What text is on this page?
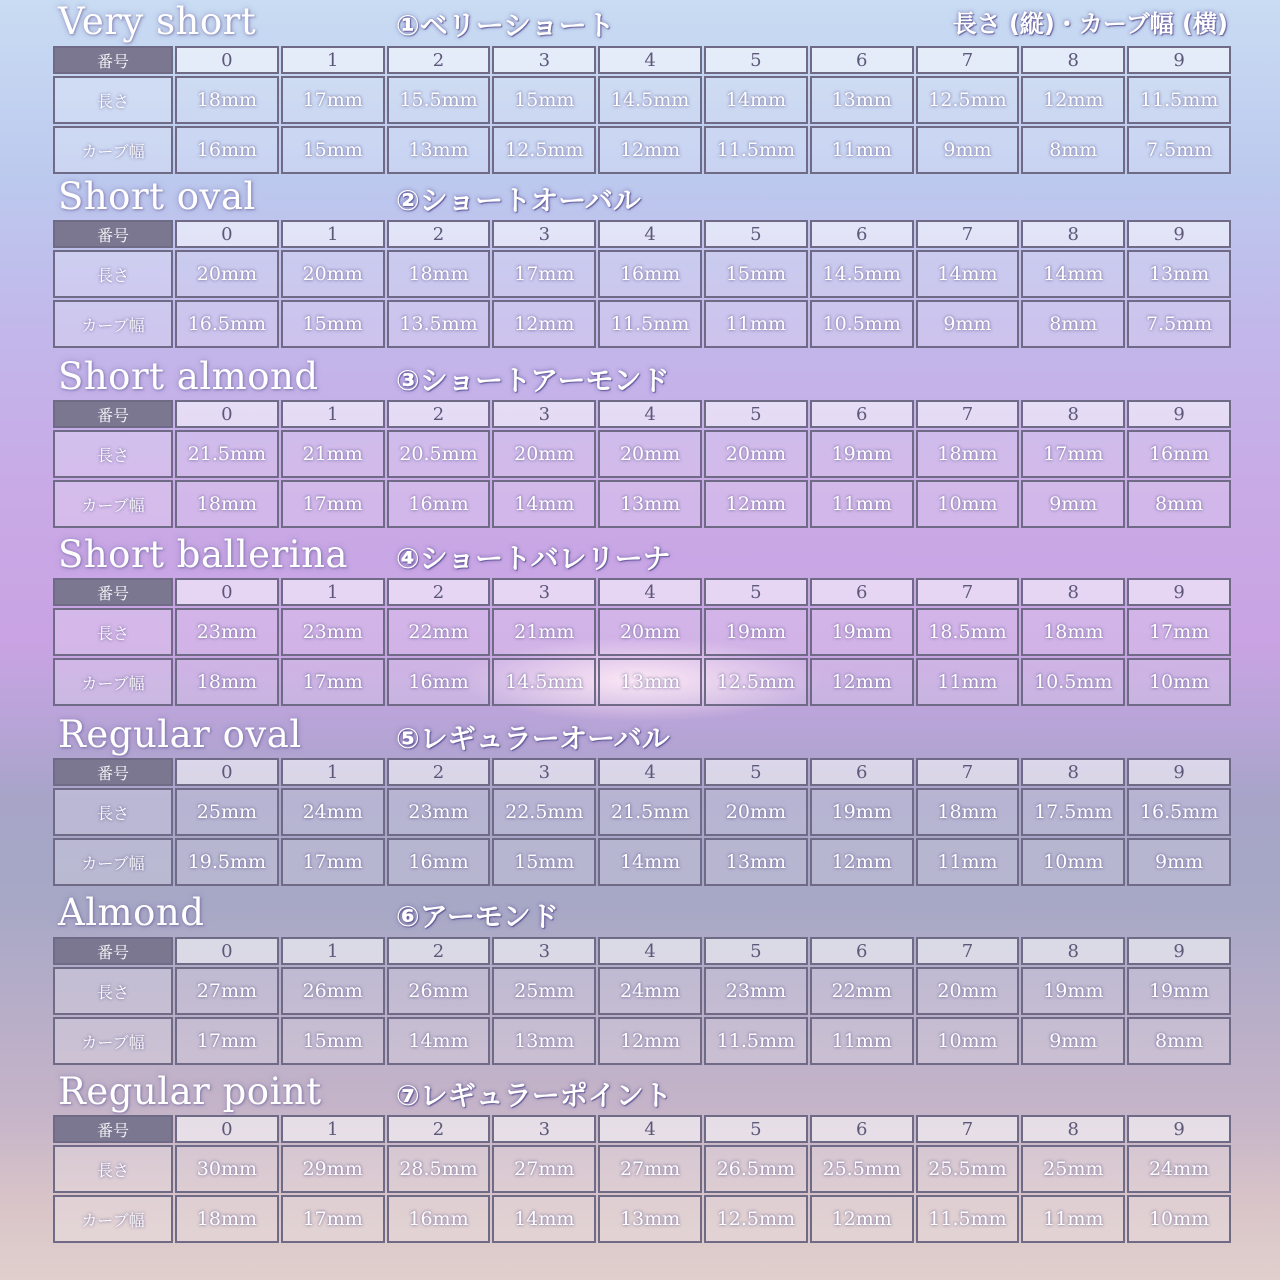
長さ (縦)・カーブ幅 (横)
Very short	①ベリーショート
番号	0	1	2	3	4	5	6	7	8	9
長さ	18mm	17mm	15.5mm	15mm	14.5mm	14mm	13mm	12.5mm	12mm	11.5mm
カーブ幅	16mm	15mm	13mm	12.5mm	12mm	11.5mm	11mm	9mm	8mm	7.5mm
Short oval	②ショートオーバル
番号	0	1	2	3	4	5	6	7	8	9
長さ	20mm	20mm	18mm	17mm	16mm	15mm	14.5mm	14mm	14mm	13mm
カーブ幅	16.5mm	15mm	13.5mm	12mm	11.5mm	11mm	10.5mm	9mm	8mm	7.5mm
Short almond	③ショートアーモンド
番号	0	1	2	3	4	5	6	7	8	9
長さ	21.5mm	21mm	20.5mm	20mm	20mm	20mm	19mm	18mm	17mm	16mm
カーブ幅	18mm	17mm	16mm	14mm	13mm	12mm	11mm	10mm	9mm	8mm
Short ballerina ④ショートバレリーナ
番号	0	1	2	3	4	5	6	7	8	9
長さ	23mm	23mm	22mm	21mm	20mm	19mm	19mm	18.5mm	18mm	17mm
カーブ幅	18mm	17mm	16mm	14.5mm	13mm	12.5mm	12mm	11mm	10.5mm	10mm
Regular oval	⑤レギュラーオーバル
番号	0	1	2	3	4	5	6	7	8	9
長さ	25mm	24mm	23mm	22.5mm	21.5mm	20mm	19mm	18mm	17.5mm	16.5mm
カーブ幅	19.5mm	17mm	16mm	15mm	14mm	13mm	12mm	11mm	10mm	9mm
Almond	⑥アーモンド
番号	0	1	2	3	4	5	6	7	8	9
長さ	27mm	26mm	26mm	25mm	24mm	23mm	22mm	20mm	19mm	19mm
カーブ幅	17mm	15mm	14mm	13mm	12mm	11.5mm	11mm	10mm	9mm	8mm
Regular point	⑦レギュラーポイント
番号	0	1	2	3	4	5	6	7	8	9
長さ	30mm	29mm	28.5mm	27mm	27mm	26.5mm	25.5mm	25.5mm	25mm	24mm
カーブ幅	18mm	17mm	16mm	14mm	13mm	12.5mm	12mm	11.5mm	11mm	10mm
